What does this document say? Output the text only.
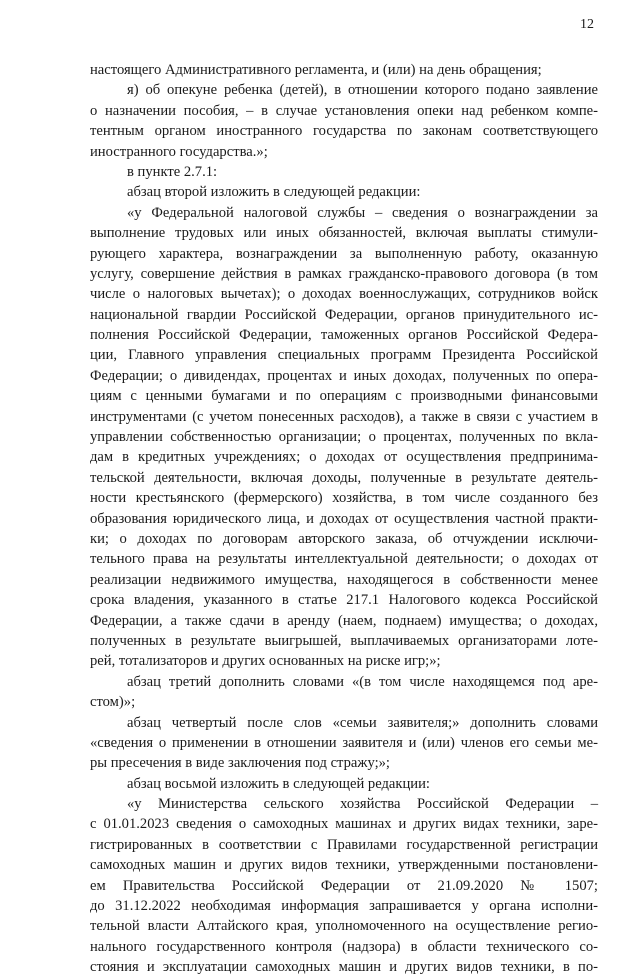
12
настоящего Административного регламента, и (или) на день обращения;
я) об опекуне ребенка (детей), в отношении которого подано заявление
о назначении пособия, – в случае установления опеки над ребенком компе-
тентным органом иностранного государства по законам соответствующего
иностранного государства.»;
в пункте 2.7.1:
абзац второй изложить в следующей редакции:
«у Федеральной налоговой службы – сведения о вознаграждении за
выполнение трудовых или иных обязанностей, включая выплаты стимули-
рующего характера, вознаграждении за выполненную работу, оказанную
услугу, совершение действия в рамках гражданско-правового договора (в том
числе о налоговых вычетах); о доходах военнослужащих, сотрудников войск
национальной гвардии Российской Федерации, органов принудительного ис-
полнения Российской Федерации, таможенных органов Российской Федера-
ции, Главного управления специальных программ Президента Российской
Федерации; о дивидендах, процентах и иных доходах, полученных по опера-
циям с ценными бумагами и по операциям с производными финансовыми
инструментами (с учетом понесенных расходов), а также в связи с участием в
управлении собственностью организации; о процентах, полученных по вкла-
дам в кредитных учреждениях; о доходах от осуществления предпринима-
тельской деятельности, включая доходы, полученные в результате деятель-
ности крестьянского (фермерского) хозяйства, в том числе созданного без
образования юридического лица, и доходах от осуществления частной практи-
ки; о доходах по договорам авторского заказа, об отчуждении исключи-
тельного права на результаты интеллектуальной деятельности; о доходах от
реализации недвижимого имущества, находящегося в собственности менее
срока владения, указанного в статье 217.1 Налогового кодекса Российской
Федерации, а также сдачи в аренду (наем, поднаем) имущества; о доходах,
полученных в результате выигрышей, выплачиваемых организаторами лоте-
рей, тотализаторов и других основанных на риске игр;»;
абзац третий дополнить словами «(в том числе находящемся под аре-
стом)»;
абзац четвертый после слов «семьи заявителя;» дополнить словами
«сведения о применении в отношении заявителя и (или) членов его семьи ме-
ры пресечения в виде заключения под стражу;»;
абзац восьмой изложить в следующей редакции:
«у Министерства сельского хозяйства Российской Федерации –
с 01.01.2023 сведения о самоходных машинах и других видах техники, заре-
гистрированных в соответствии с Правилами государственной регистрации
самоходных машин и других видов техники, утвержденными постановлени-
ем Правительства Российской Федерации от 21.09.2020 № 1507;
до 31.12.2022 необходимая информация запрашивается у органа исполни-
тельной власти Алтайского края, уполномоченного на осуществление регио-
нального государственного контроля (надзора) в области технического со-
стояния и эксплуатации самоходных машин и других видов техники, в по-
